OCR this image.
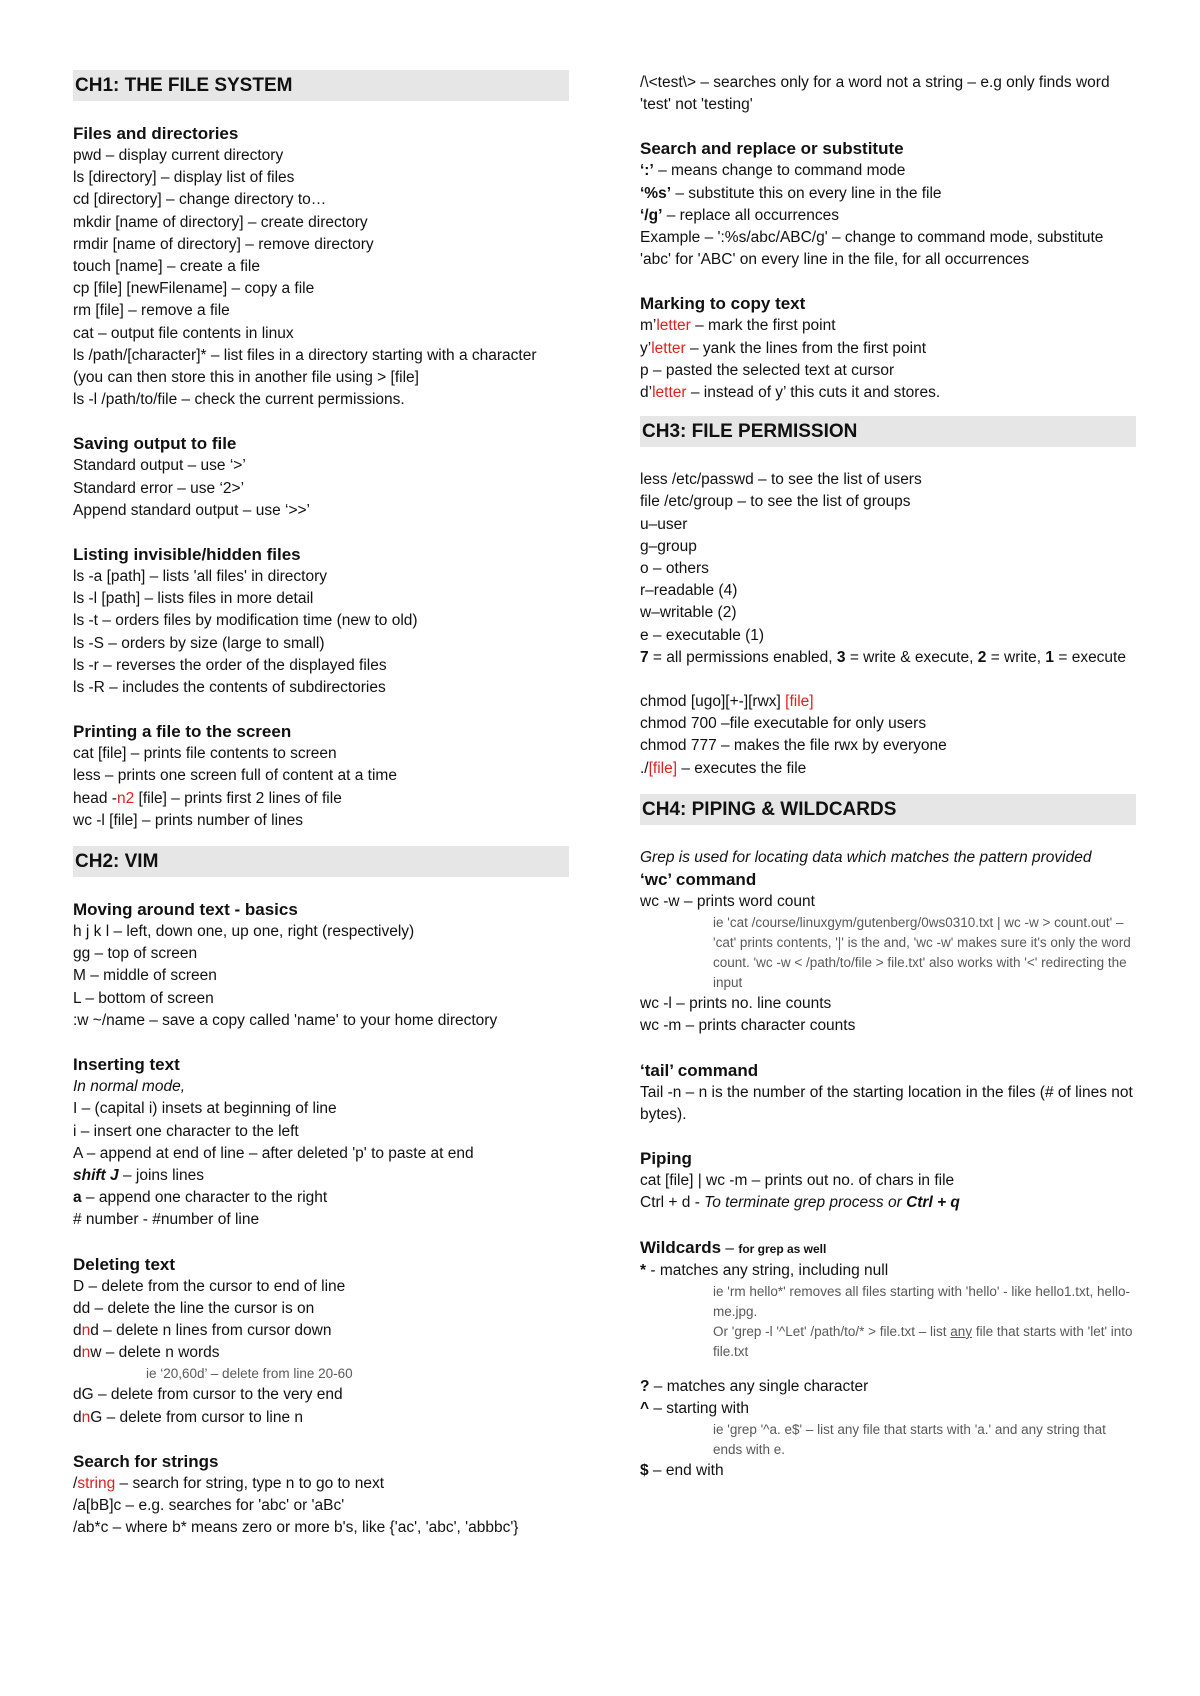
CH1: THE FILE SYSTEM
Files and directories
pwd – display current directory
ls [directory] – display list of files
cd [directory] – change directory to…
mkdir [name of directory] – create directory
rmdir [name of directory] – remove directory
touch [name] – create a file
cp [file] [newFilename] – copy a file
rm [file] – remove a file
cat – output file contents in linux
ls /path/[character]* – list files in a directory starting with a character (you can then store this in another file using > [file]
ls -l /path/to/file – check the current permissions.
Saving output to file
Standard output – use ‘>’
Standard error – use ‘2>’
Append standard output – use ‘>>’
Listing invisible/hidden files
ls -a [path] – lists 'all files' in directory
ls -l [path] – lists files in more detail
ls -t – orders files by modification time (new to old)
ls -S – orders by size (large to small)
ls -r – reverses the order of the displayed files
ls -R – includes the contents of subdirectories
Printing a file to the screen
cat [file] – prints file contents to screen
less – prints one screen full of content at a time
head -n2 [file] – prints first 2 lines of file
wc -l [file] – prints number of lines
CH2: VIM
Moving around text - basics
h j k l – left, down one, up one, right (respectively)
gg – top of screen
M – middle of screen
L – bottom of screen
:w ~/name – save a copy called 'name' to your home directory
Inserting text
In normal mode,
I – (capital i) insets at beginning of line
i – insert one character to the left
A – append at end of line – after deleted 'p' to paste at end
shift J – joins lines
a – append one character to the right
# number - #number of line
Deleting text
D – delete from the cursor to end of line
dd – delete the line the cursor is on
dnd – delete n lines from cursor down
dnw – delete n words
ie ‘20,60d’ – delete from line 20-60
dG – delete from cursor to the very end
dnG – delete from cursor to line n
Search for strings
/string – search for string, type n to go to next
/a[bB]c – e.g. searches for 'abc' or 'aBc'
/ab*c – where b* means zero or more b's, like {'ac', 'abc', 'abbbc'}
/\<test\> – searches only for a word not a string – e.g only finds word 'test' not 'testing'
Search and replace or substitute
‘:’ – means change to command mode
‘%s’ – substitute this on every line in the file
‘/g’ – replace all occurrences
Example – ':%s/abc/ABC/g' – change to command mode, substitute 'abc' for 'ABC' on every line in the file, for all occurrences
Marking to copy text
m’letter – mark the first point
y’letter – yank the lines from the first point
p – pasted the selected text at cursor
d’letter – instead of y’ this cuts it and stores.
CH3: FILE PERMISSION
less /etc/passwd – to see the list of users
file /etc/group – to see the list of groups
u–user
g–group
o – others
r–readable (4)
w–writable (2)
e – executable (1)
7 = all permissions enabled, 3 = write & execute, 2 = write, 1 = execute
chmod [ugo][+-][rwx] [file]
chmod 700 –file executable for only users
chmod 777 – makes the file rwx by everyone
./[file] – executes the file
CH4: PIPING & WILDCARDS
Grep is used for locating data which matches the pattern provided
‘wc’ command
wc -w – prints word count
ie 'cat /course/linuxgym/gutenberg/0ws0310.txt | wc -w > count.out' – 'cat' prints contents, '|' is the and, 'wc -w' makes sure it's only the word count. 'wc -w < /path/to/file > file.txt' also works with '<' redirecting the input
wc -l – prints no. line counts
wc -m – prints character counts
‘tail’ command
Tail -n – n is the number of the starting location in the files (# of lines not bytes).
Piping
cat [file] | wc -m – prints out no. of chars in file
Ctrl + d - To terminate grep process or Ctrl + q
Wildcards – for grep as well
* - matches any string, including null
ie 'rm hello*' removes all files starting with 'hello' - like hello1.txt, hello-me.jpg.
Or 'grep -l '^Let' /path/to/* > file.txt – list any file that starts with 'let' into file.txt
? – matches any single character
^ – starting with
ie 'grep '^a. e$' – list any file that starts with 'a.' and any string that ends with e.
$ – end with
